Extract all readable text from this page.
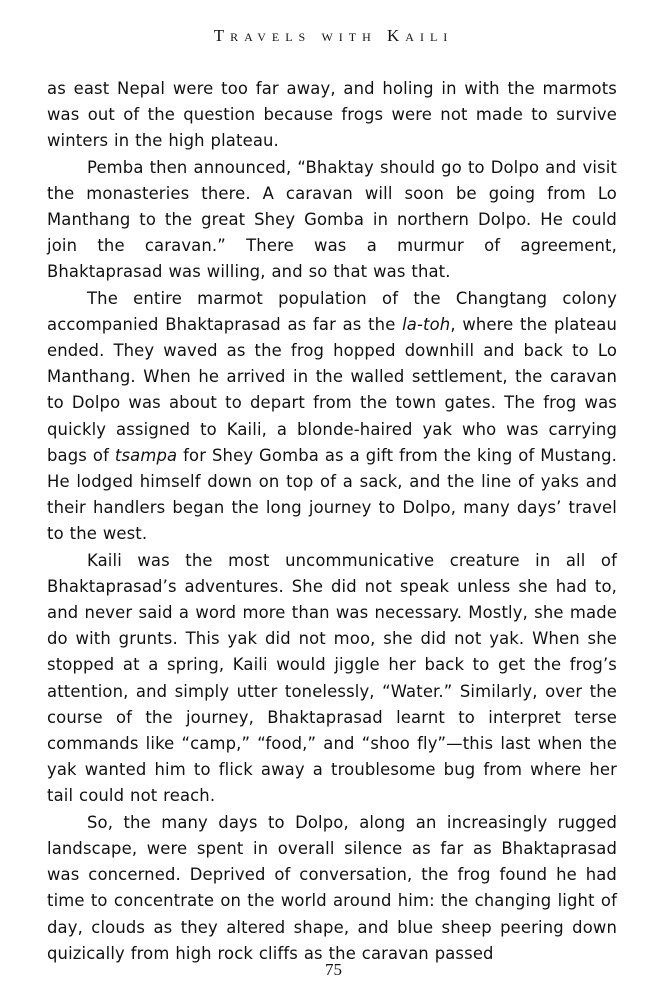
Travels with Kaili

as east Nepal were too far away, and holing in with the marmots was out of the question because frogs were not made to survive winters in the high plateau.

Pemba then announced, “Bhaktay should go to Dolpo and visit the monasteries there. A caravan will soon be going from Lo Manthang to the great Shey Gomba in northern Dolpo. He could join the caravan.” There was a murmur of agreement, Bhaktaprasad was willing, and so that was that.

The entire marmot population of the Changtang colony accompanied Bhaktaprasad as far as the la-toh, where the plateau ended. They waved as the frog hopped downhill and back to Lo Manthang. When he arrived in the walled settlement, the caravan to Dolpo was about to depart from the town gates. The frog was quickly assigned to Kaili, a blonde-haired yak who was carrying bags of tsampa for Shey Gomba as a gift from the king of Mustang. He lodged himself down on top of a sack, and the line of yaks and their handlers began the long journey to Dolpo, many days’ travel to the west.

Kaili was the most uncommunicative creature in all of Bhaktaprasad’s adventures. She did not speak unless she had to, and never said a word more than was necessary. Mostly, she made do with grunts. This yak did not moo, she did not yak. When she stopped at a spring, Kaili would jiggle her back to get the frog’s attention, and simply utter tonelessly, “Water.” Similarly, over the course of the journey, Bhaktaprasad learnt to interpret terse commands like “camp,” “food,” and “shoo fly”—this last when the yak wanted him to flick away a troublesome bug from where her tail could not reach.

So, the many days to Dolpo, along an increasingly rugged landscape, were spent in overall silence as far as Bhaktaprasad was concerned. Deprived of conversation, the frog found he had time to concentrate on the world around him: the changing light of day, clouds as they altered shape, and blue sheep peering down quizically from high rock cliffs as the caravan passed

75
